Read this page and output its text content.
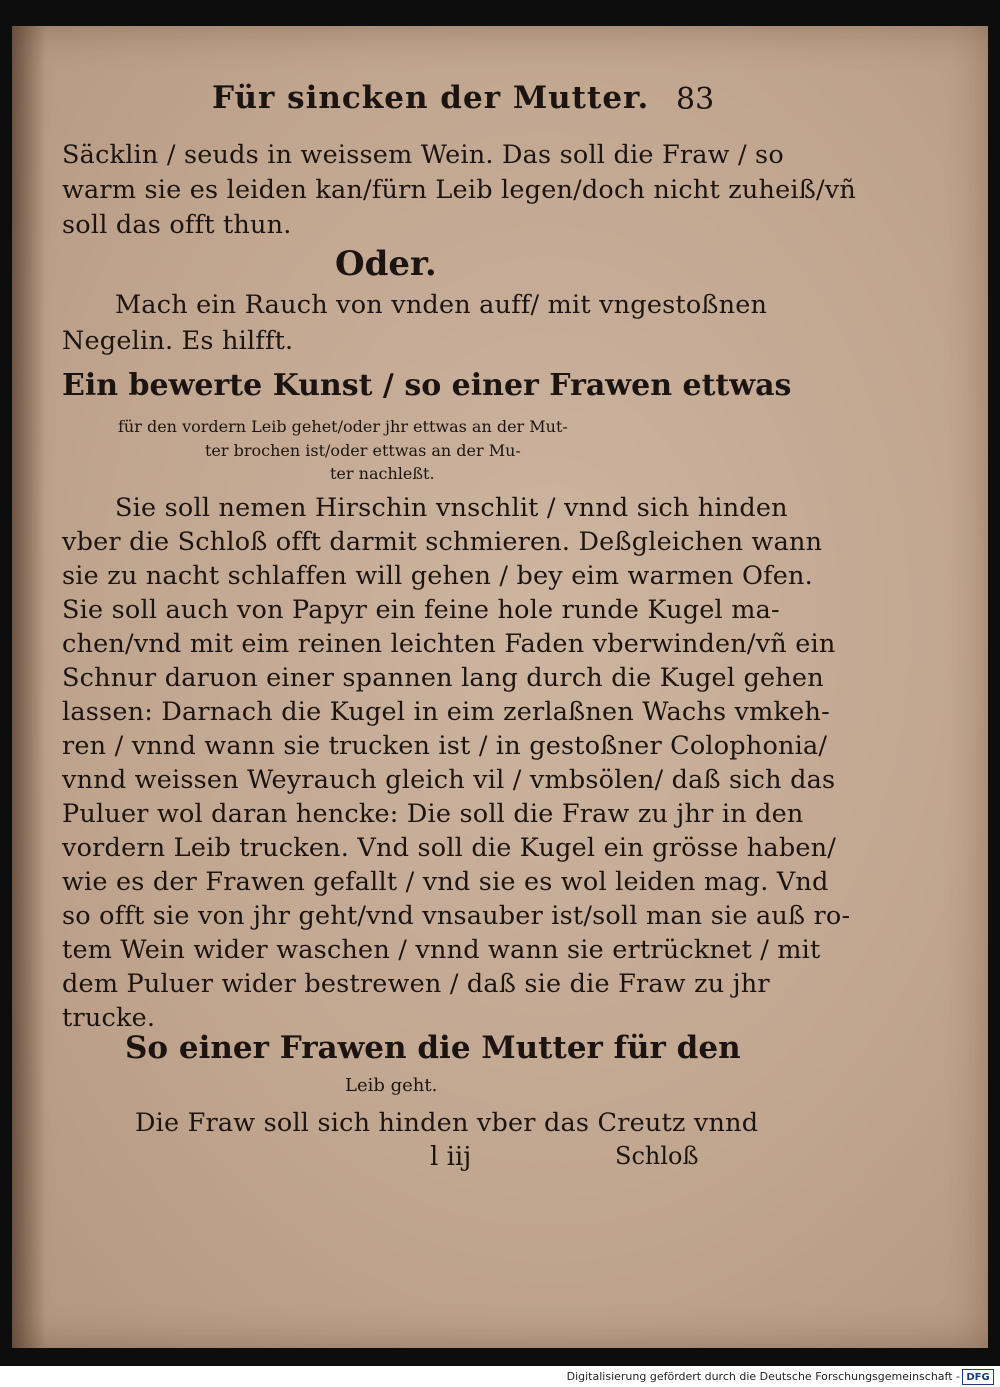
Für sincken der Mutter. 83
Säcklin / seuds in weissem Wein. Das soll die Fraw / so
warm sie es leiden kan/fürn Leib legen/doch nicht zuheiß/vñ
soll das offt thun.
Oder.
Mach ein Rauch von vnden auff/ mit vngestoßnen
Negelin. Es hilfft.
Ein bewerte Kunst / so einer Frawen ettwas
für den vordern Leib gehet/oder jhr ettwas an der Mut-
ter brochen ist/oder ettwas an der Mu-
ter nachleßt.
Sie soll nemen Hirschin vnschlit / vnnd sich hinden
vber die Schloß offt darmit schmieren. Deßgleichen wann
sie zu nacht schlaffen will gehen / bey eim warmen Ofen.
Sie soll auch von Papyr ein feine hole runde Kugel ma-
chen/vnd mit eim reinen leichten Faden vberwinden/vñ ein
Schnur daruon einer spannen lang durch die Kugel gehen
lassen: Darnach die Kugel in eim zerlaßnen Wachs vmkeh-
ren / vnnd wann sie trucken ist / in gestoßner Colophonia/
vnnd weissen Weyrauch gleich vil / vmbsölen/ daß sich das
Puluer wol daran hencke: Die soll die Fraw zu jhr in den
vordern Leib trucken. Vnd soll die Kugel ein grösse haben/
wie es der Frawen gefallt / vnd sie es wol leiden mag. Vnd
so offt sie von jhr geht/vnd vnsauber ist/soll man sie auß ro-
tem Wein wider waschen / vnnd wann sie ertrücknet / mit
dem Puluer wider bestrewen / daß sie die Fraw zu jhr
trucke.
So einer Frawen die Mutter für den
Leib geht.
Die Fraw soll sich hinden vber das Creutz vnnd
l iij	Schloß
Digitalisierung gefördert durch die Deutsche Forschungsgemeinschaft - DFG
